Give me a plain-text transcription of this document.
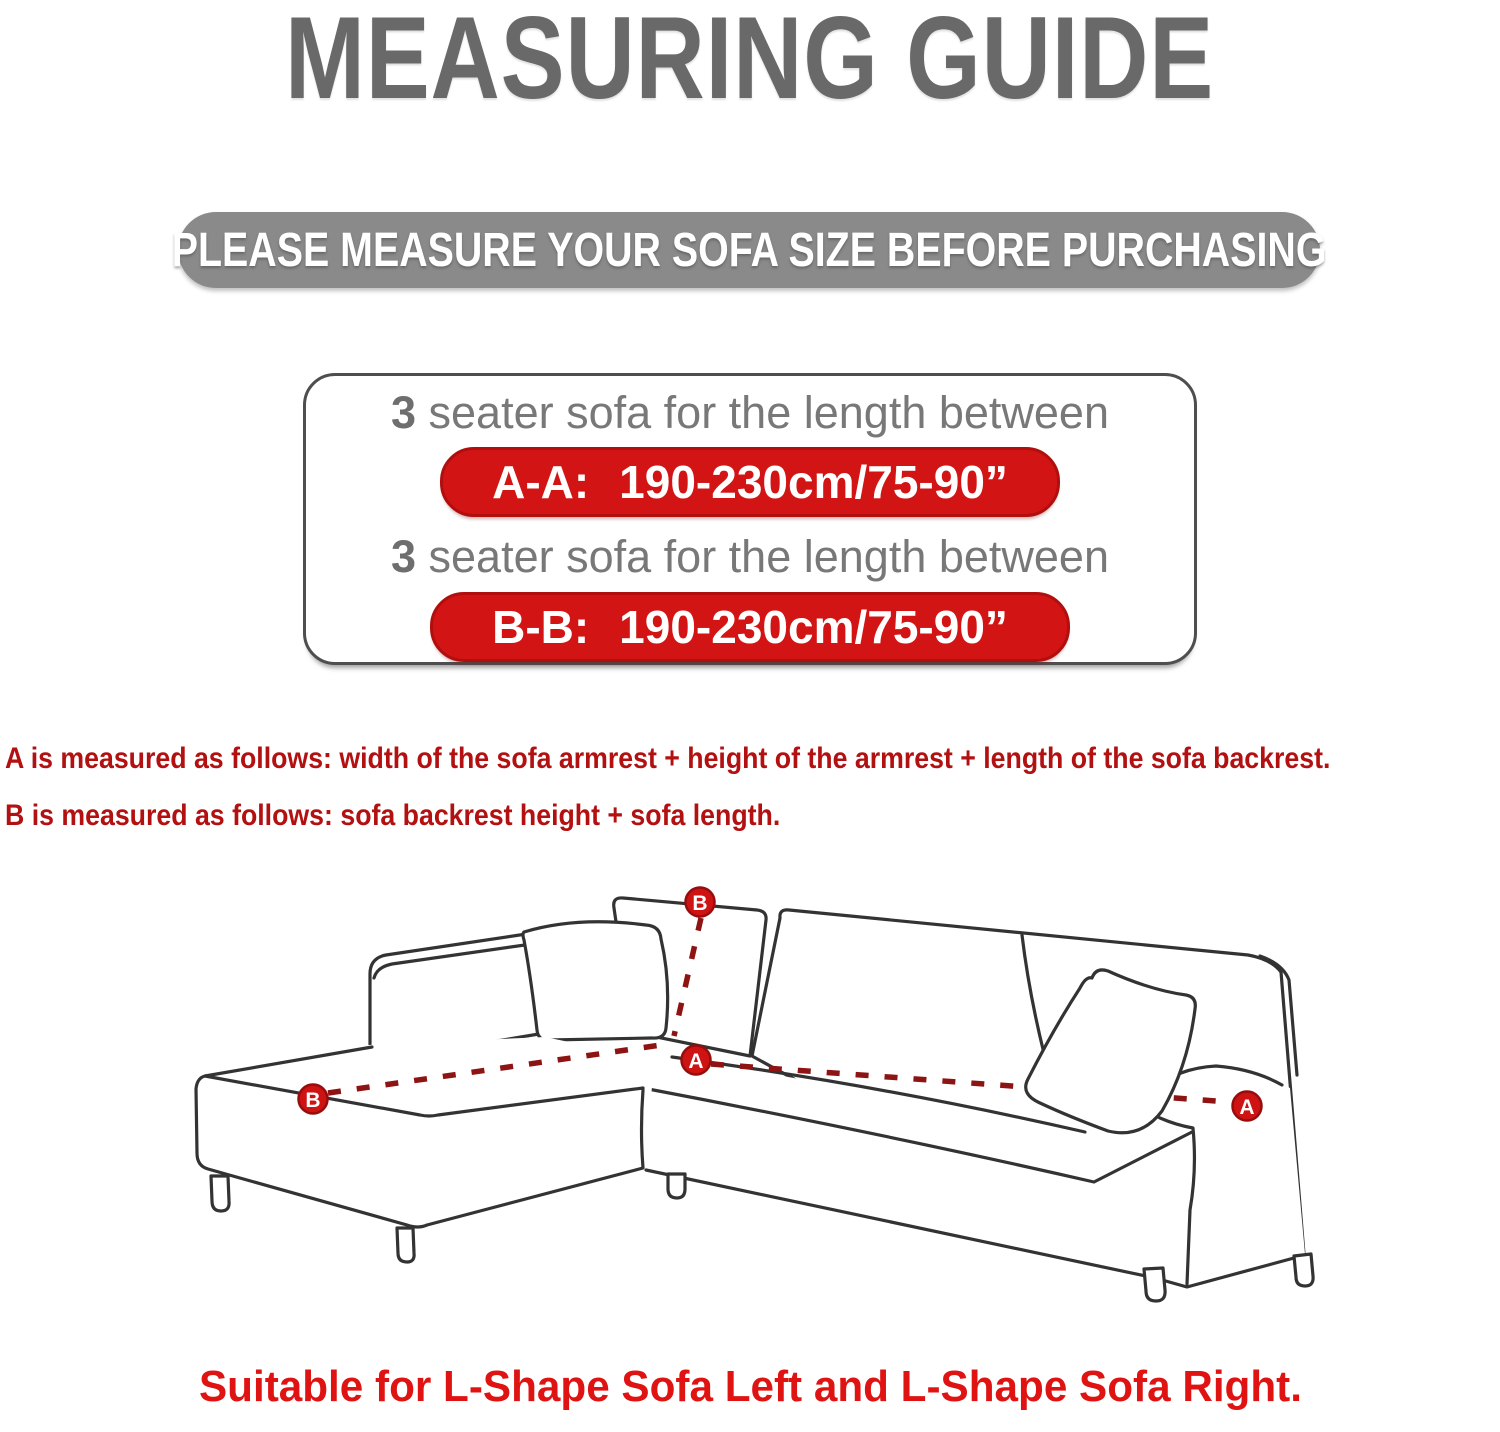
MEASURING GUIDE
PLEASE MEASURE YOUR SOFA SIZE BEFORE PURCHASING
3 seater sofa for the length between
A-A: 190-230cm/75-90”
3 seater sofa for the length between
B-B: 190-230cm/75-90”
A is measured as follows: width of the sofa armrest + height of the armrest + length of the sofa backrest.
B is measured as follows: sofa backrest height + sofa length.
B
A
B	A
Suitable for L-Shape Sofa Left and L-Shape Sofa Right.
